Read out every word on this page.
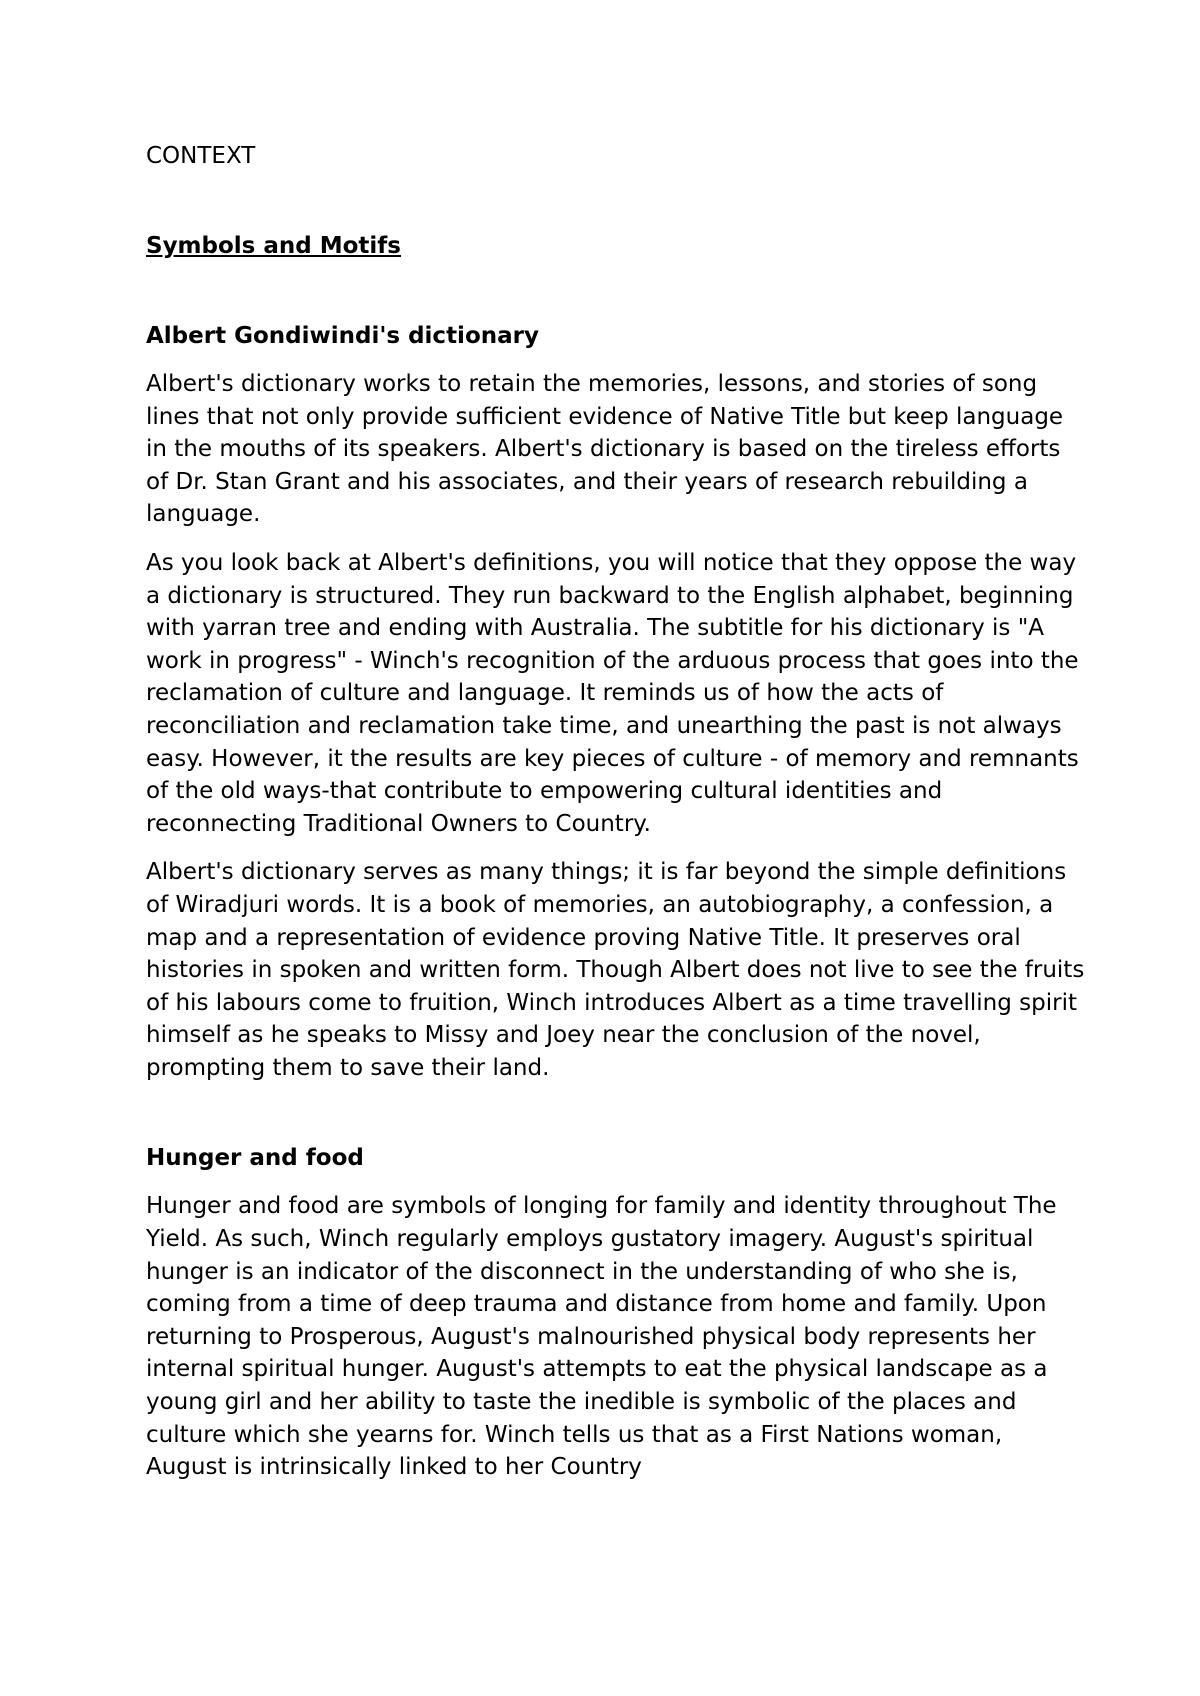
CONTEXT
Symbols and Motifs
Albert Gondiwindi's dictionary

Albert's dictionary works to retain the memories, lessons, and stories of song lines that not only provide sufficient evidence of Native Title but keep language in the mouths of its speakers. Albert's dictionary is based on the tireless efforts of Dr. Stan Grant and his associates, and their years of research rebuilding a language.

As you look back at Albert's definitions, you will notice that they oppose the way a dictionary is structured. They run backward to the English alphabet, beginning with yarran tree and ending with Australia. The subtitle for his dictionary is "A work in progress" - Winch's recognition of the arduous process that goes into the reclamation of culture and language. It reminds us of how the acts of reconciliation and reclamation take time, and unearthing the past is not always easy. However, it the results are key pieces of culture - of memory and remnants of the old ways-that contribute to empowering cultural identities and reconnecting Traditional Owners to Country.

Albert's dictionary serves as many things; it is far beyond the simple definitions of Wiradjuri words. It is a book of memories, an autobiography, a confession, a map and a representation of evidence proving Native Title. It preserves oral histories in spoken and written form. Though Albert does not live to see the fruits of his labours come to fruition, Winch introduces Albert as a time travelling spirit himself as he speaks to Missy and Joey near the conclusion of the novel, prompting them to save their land.

Hunger and food

Hunger and food are symbols of longing for family and identity throughout The Yield. As such, Winch regularly employs gustatory imagery. August's spiritual hunger is an indicator of the disconnect in the understanding of who she is, coming from a time of deep trauma and distance from home and family. Upon returning to Prosperous, August's malnourished physical body represents her internal spiritual hunger. August's attempts to eat the physical landscape as a young girl and her ability to taste the inedible is symbolic of the places and culture which she yearns for. Winch tells us that as a First Nations woman, August is intrinsically linked to her Country
